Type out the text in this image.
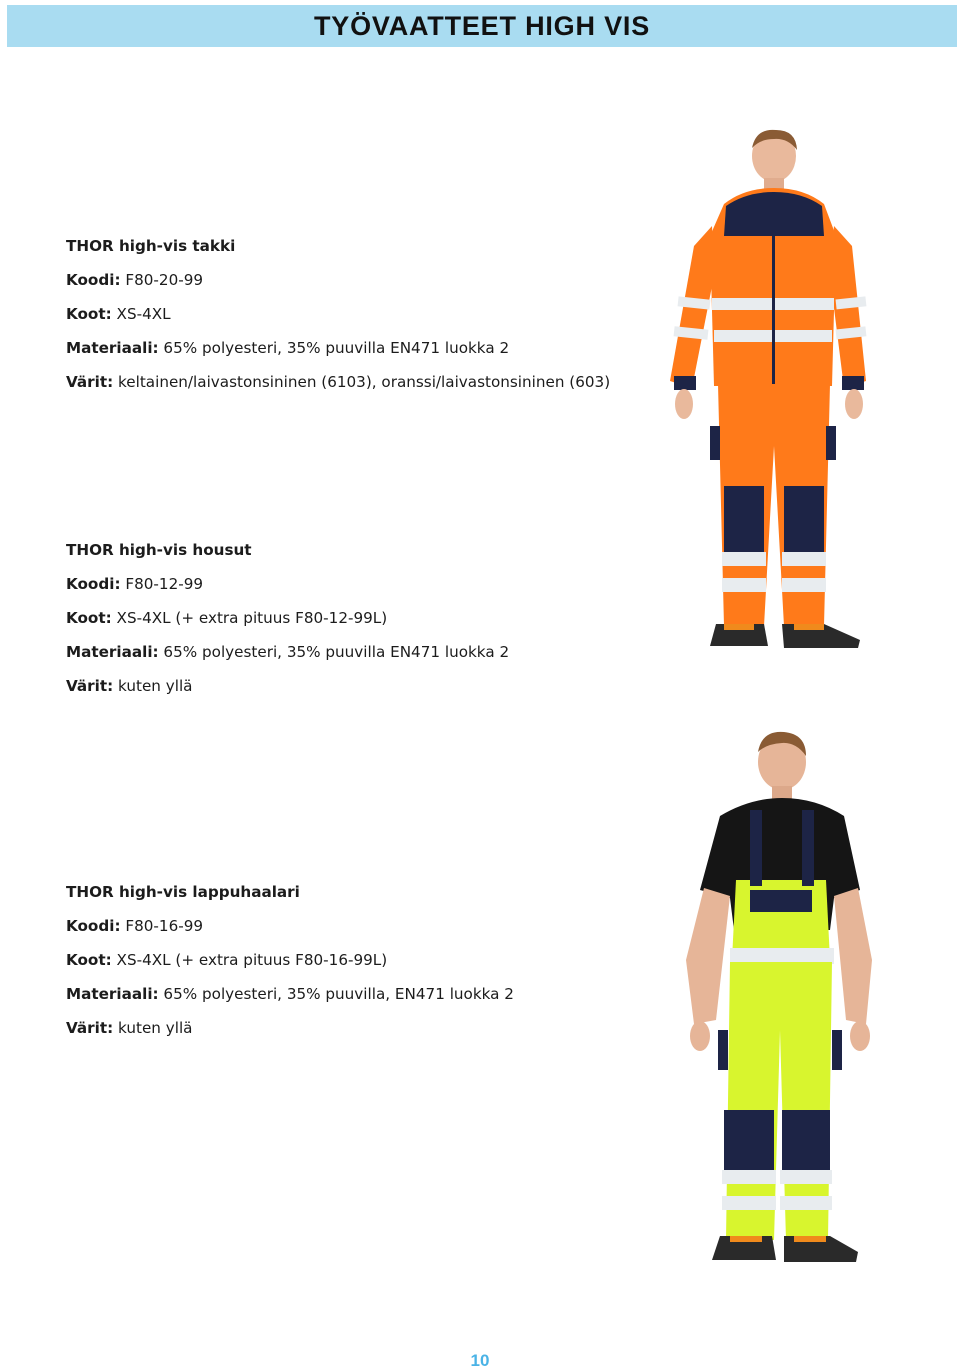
TYÖVAATTEET HIGH VIS
THOR high-vis takki
Koodi: F80-20-99
Koot: XS-4XL
Materiaali: 65% polyesteri, 35% puuvilla EN471 luokka 2
Värit: keltainen/laivastonsininen (6103), oranssi/laivastonsininen (603)
THOR high-vis housut
Koodi: F80-12-99
Koot: XS-4XL (+ extra pituus F80-12-99L)
Materiaali: 65% polyesteri, 35% puuvilla EN471 luokka 2
Värit: kuten yllä
THOR high-vis lappuhaalari
Koodi: F80-16-99
Koot: XS-4XL (+ extra pituus F80-16-99L)
Materiaali: 65% polyesteri, 35% puuvilla, EN471 luokka 2
Värit: kuten yllä
10
